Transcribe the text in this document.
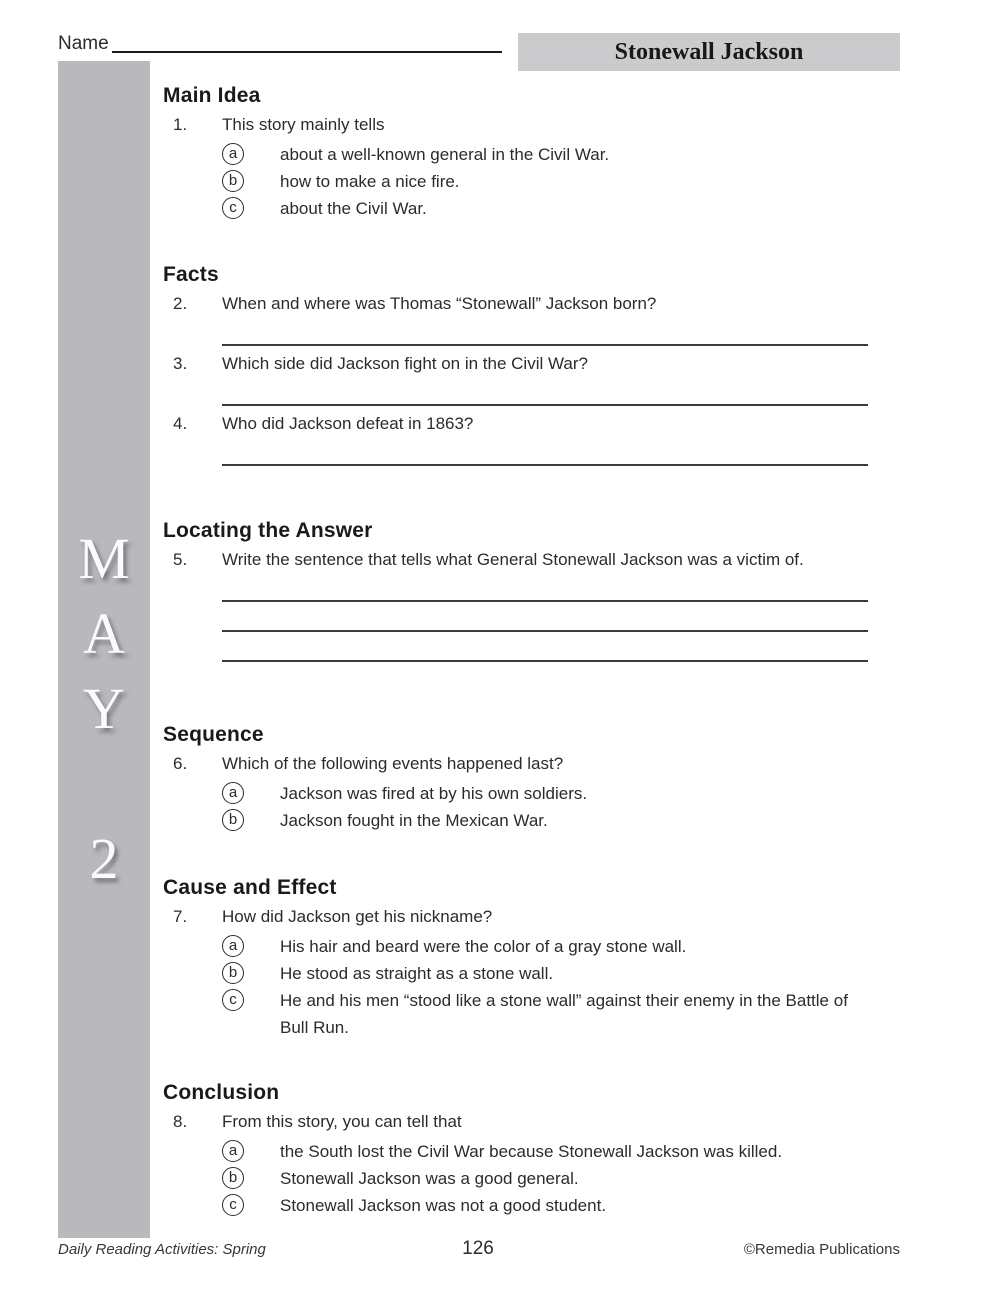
Name	Stonewall Jackson
M
A
Y
2
Main Idea
1.	This story mainly tells
a	about a well-known general in the Civil War.
b	how to make a nice fire.
c	about the Civil War.
Facts
2.	When and where was Thomas “Stonewall” Jackson born?
3.	Which side did Jackson fight on in the Civil War?
4.	Who did Jackson defeat in 1863?
Locating the Answer
5.	Write the sentence that tells what General Stonewall Jackson was a victim of.
Sequence
6.	Which of the following events happened last?
a	Jackson was fired at by his own soldiers.
b	Jackson fought in the Mexican War.
Cause and Effect
7.	How did Jackson get his nickname?
a	His hair and beard were the color of a gray stone wall.
b	He stood as straight as a stone wall.
c	He and his men “stood like a stone wall” against their enemy in the Battle of Bull Run.
Conclusion
8.	From this story, you can tell that
a	the South lost the Civil War because Stonewall Jackson was killed.
b	Stonewall Jackson was a good general.
c	Stonewall Jackson was not a good student.
Daily Reading Activities: Spring	126	©Remedia Publications
